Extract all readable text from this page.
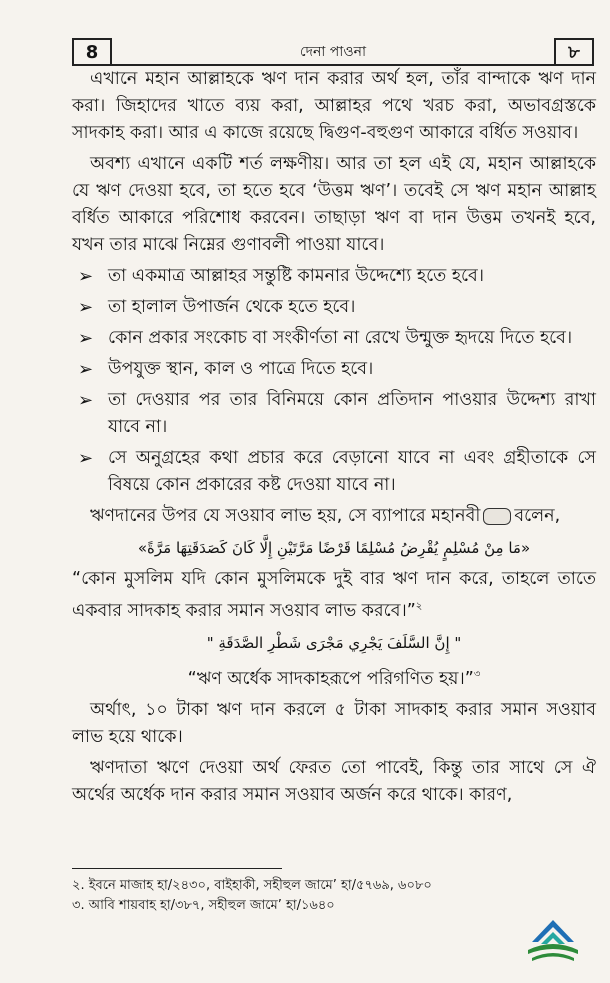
8	দেনা পাওনা	৮

এখানে মহান আল্লাহকে ঋণ দান করার অর্থ হল, তাঁর বান্দাকে ঋণ দান করা। জিহাদের খাতে ব্যয় করা, আল্লাহর পথে খরচ করা, অভাবগ্রস্তকে সাদকাহ করা। আর এ কাজে রয়েছে দ্বিগুণ-বহুগুণ আকারে বর্ধিত সওয়াব।

অবশ্য এখানে একটি শর্ত লক্ষণীয়। আর তা হল এই যে, মহান আল্লাহকে যে ঋণ দেওয়া হবে, তা হতে হবে ‘উত্তম ঋণ’। তবেই সে ঋণ মহান আল্লাহ বর্ধিত আকারে পরিশোধ করবেন। তাছাড়া ঋণ বা দান উত্তম তখনই হবে, যখন তার মাঝে নিম্নের গুণাবলী পাওয়া যাবে।

➢ তা একমাত্র আল্লাহর সন্তুষ্টি কামনার উদ্দেশ্যে হতে হবে।
➢ তা হালাল উপার্জন থেকে হতে হবে।
➢ কোন প্রকার সংকোচ বা সংকীর্ণতা না রেখে উন্মুক্ত হৃদয়ে দিতে হবে।
➢ উপযুক্ত স্থান, কাল ও পাত্রে দিতে হবে।
➢ তা দেওয়ার পর তার বিনিময়ে কোন প্রতিদান পাওয়ার উদ্দেশ্য রাখা যাবে না।
➢ সে অনুগ্রহের কথা প্রচার করে বেড়ানো যাবে না এবং গ্রহীতাকে সে বিষয়ে কোন প্রকারের কষ্ট দেওয়া যাবে না।

ঋণদানের উপর যে সওয়াব লাভ হয়, সে ব্যাপারে মহানবী বলেন,

«مَا مِنْ مُسْلِمٍ يُقْرِضُ مُسْلِمًا قَرْضًا مَرَّتَيْنِ إِلَّا كَانَ كَصَدَقَتِهَا مَرَّةً»

“কোন মুসলিম যদি কোন মুসলিমকে দুই বার ঋণ দান করে, তাহলে তাতে একবার সাদকাহ করার সমান সওয়াব লাভ করবে।”$^২$

" إِنَّ السَّلَفَ يَجْرِي مَجْرَى شَطْرِ الصَّدَقَةِ "

“ঋণ অর্ধেক সাদকাহরূপে পরিগণিত হয়।”$^৩$

অর্থাৎ, ১০ টাকা ঋণ দান করলে ৫ টাকা সাদকাহ করার সমান সওয়াব লাভ হয়ে থাকে।

ঋণদাতা ঋণে দেওয়া অর্থ ফেরত তো পাবেই, কিন্তু তার সাথে সে ঐ অর্থের অর্ধেক দান করার সমান সওয়াব অর্জন করে থাকে। কারণ,

২. ইবনে মাজাহ হা/২৪৩০, বাইহাকী, সহীহুল জামে’ হা/৫৭৬৯, ৬০৮০
৩. আবি শায়বাহ হা/৩৮৭, সহীহুল জামে’ হা/১৬৪০
